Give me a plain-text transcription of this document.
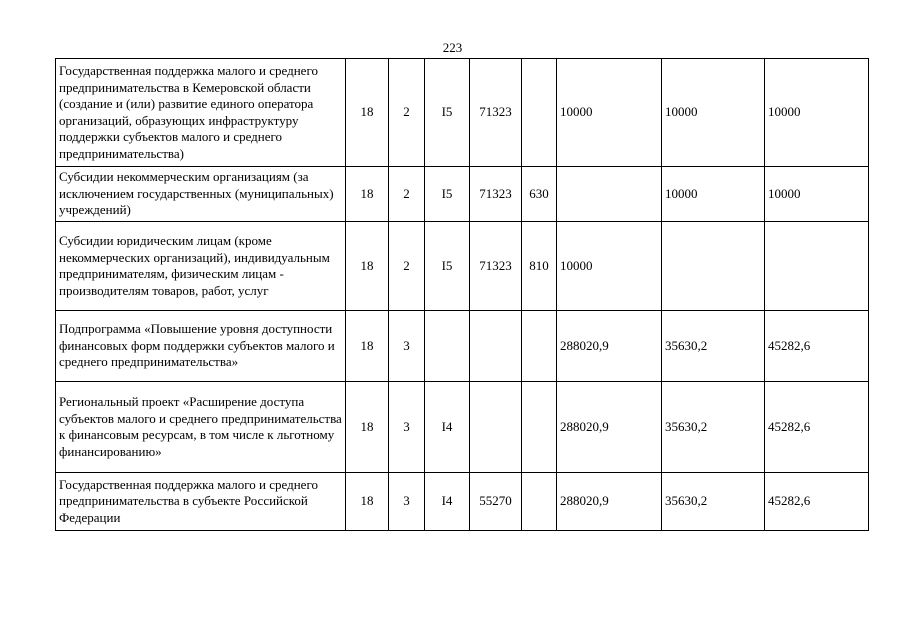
223
Государственная поддержка малого и среднего предпринимательства в Кемеровской области (создание и (или) развитие единого оператора организаций, образующих инфраструктуру поддержки субъектов малого и среднего предпринимательства)	18	2	I5	71323		10000	10000	10000
Субсидии некоммерческим организациям (за исключением государственных (муниципальных) учреждений)	18	2	I5	71323	630		10000	10000
Субсидии юридическим лицам (кроме некоммерческих организаций), индивидуальным предпринимателям, физическим лицам - производителям товаров, работ, услуг	18	2	I5	71323	810	10000		
Подпрограмма «Повышение уровня доступности финансовых форм поддержки субъектов малого и среднего предпринимательства»	18	3				288020,9	35630,2	45282,6
Региональный проект «Расширение доступа субъектов малого и среднего предпринимательства к финансовым ресурсам, в том числе к льготному финансированию»	18	3	I4			288020,9	35630,2	45282,6
Государственная поддержка малого и среднего предпринимательства в субъекте Российской Федерации	18	3	I4	55270		288020,9	35630,2	45282,6
